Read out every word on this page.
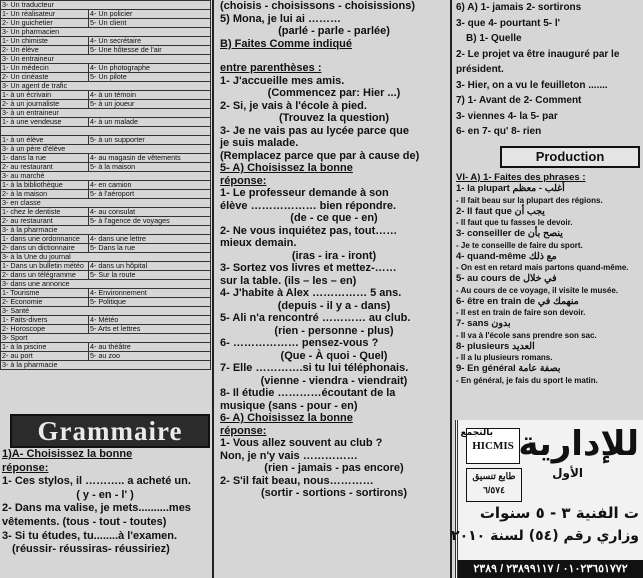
3- Un traducteur	
1- Un réalisateur	4- Un policier
2- Un guichetier	5- Un client
3- Un pharmacien	
1- Un chimiste	4- Un secrétaire
2- Un élève	5- Une hôtesse de l'air
3- Un entraineur	
1- Un médecin	4- Un photographe
2- Un cinéaste	5- Un pilote
3- Un agent de trafic	
1- à un écrivain	4- à un témoin
2- à un journaliste	5- à un joueur
3- à un entraineur	
1- à une vendeuse	4- à un malade

1- à un élève	5- à un supporter
3- à un père d'élève	
1- dans la rue	4- au magasin de vêtements
2- au restaurant	5- à la maison
3- au marché	
1- à la bibliothèque	4- en camion
2- à la maison	5- à l'aéroport
3- en classe	
1- chez le dentiste	4- au consulat
2- au restaurant	5- à l'agence de voyages
3- à la pharmacie	
1- dans une ordonnance	4- dans une lettre
2- dans un dictionnaire	5- Dans la rue
3- à la Une du journal	
1- Dans un bulletin météo	4- dans un hôpital
2- dans un télégramme	5- Sur la route
3- dans une annonce	
1- Tourisme	4- Environnement
2- Economie	5- Politique
3- Santé	
1- Faits-divers	4- Météo
2- Horoscope	5- Arts et lettres
3- Sport	
1- à la piscine	4- au théâtre
2- au port	5- au zoo
3- à la pharmacie	
Grammaire

1)A- Choisissez la bonne

réponse:

1- Ces stylos, il ……….. a acheté un.

( y - en - l' )

2- Dans ma valise, je mets..........mes

vêtements. (tous - tout - toutes)

3- Si tu études, tu........à l'examen.

(réussir- réussiras- réussiriez)

(choisis - choisissons - choisissions)

5) Mona, je lui ai ………

(parlé - parle - parlée)

B) Faites Comme indiqué

entre parenthèses :

1- J'accueille mes amis.

(Commencez par: Hier ...)

2- Si, je vais à l'école à pied.

(Trouvez la question)

3- Je ne vais pas au lycée parce que

je suis malade.

(Remplacez parce que par à cause de)

5- A) Choisissez la bonne

réponse:

1- Le professeur demande à son

élève ……………… bien répondre.

(de - ce que - en)

2- Ne vous inquiétez pas, tout……

mieux demain.

(iras - ira - iront)

3- Sortez vos livres et mettez-……

sur la table. (ils – les – en)

4- J'habite à Alex …………… 5 ans.

(depuis - il y a - dans)

5- Ali n'a rencontré ………… au club.

(rien - personne - plus)

6- ……………… pensez-vous ?

(Que - À quoi - Quel)

7- Elle ………….si tu lui téléphonais.

(vienne - viendra - viendrait)

8- Il étudie …………écoutant de la

musique (sans - pour - en)

6- A) Choisissez la bonne

réponse:

1- Vous allez souvent au club ?

Non, je n'y vais ……………

(rien - jamais - pas encore)

2- S'il fait beau, nous…………

(sortir - sortions - sortirons)

6) A) 1- jamais 2- sortirons

3- que 4- pourtant 5- l'

B) 1- Quelle

2- Le projet va être inauguré par le

président.

3- Hier, on a vu le feuilleton .......

7) 1- Avant de 2- Comment

3- viennes 4- la 5- par

6- en 7- qu' 8- rien

Production

VI- A) 1- Faites des phrases :

1- la plupart أغلب - معظم

- Il fait beau sur la plupart des régions.

2- Il faut que يجب أن

- Il faut que tu fasses le devoir.

3- conseiller de ينصح بأن

- Je te conseille de faire du sport.

4- quand-même مع ذلك

- On est en retard mais partons quand-même.

5- au cours de في خلال

- Au cours de ce voyage, il visite le musée.

6- être en train de منهمك في

- Il est en train de faire son devoir.

7- sans بدون

- Il va à l'école sans prendre son sac.

8- plusieurs العديد

- Il a lu plusieurs romans.

9- En général بصفة عامة

- En général, je fais du sport le matin.

HICMIS للإدارية
بالتجمع
طابع تنسيق
٦/٥٧٤
الأول
ت الفنية ٣ - ٥ سنوات
وزاري رقم (٥٤) لسنة ٢٠١٠
٠١٠٢٣٦٥١٧٧٢ / ٢٣٨٩٩١١٧ / ٢٣٨٩
